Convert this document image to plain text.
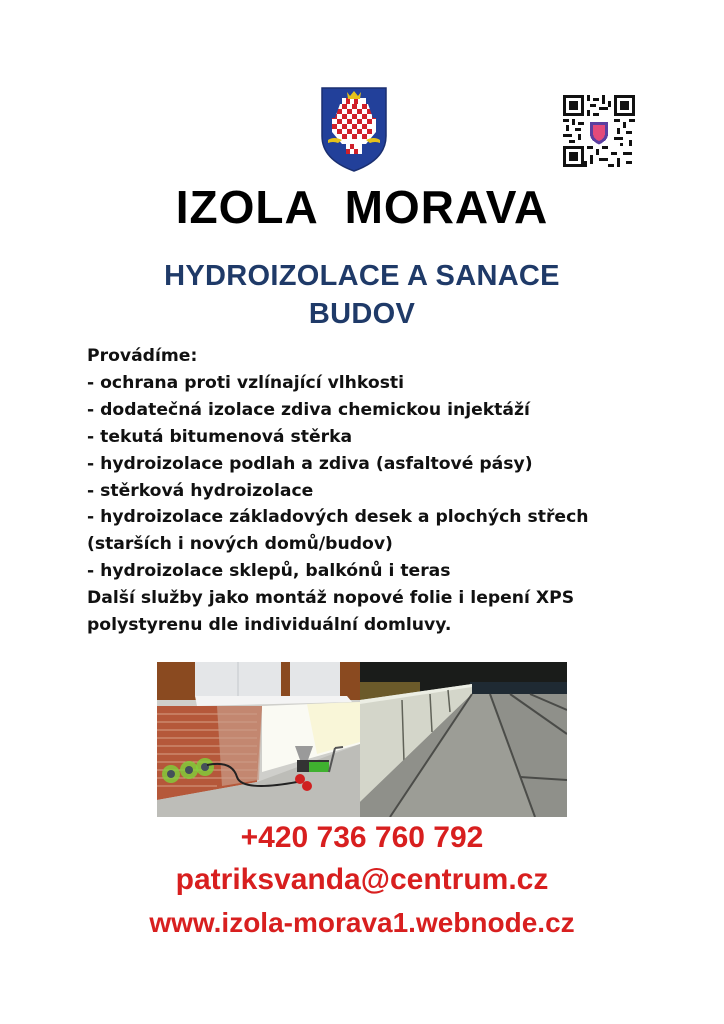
IZOLA  MORAVA
HYDROIZOLACE A SANACE
BUDOV
Provádíme:
- ochrana proti vzlínající vlhkosti
- dodatečná izolace zdiva chemickou injektáží
- tekutá bitumenová stěrka
- hydroizolace podlah a zdiva (asfaltové pásy)
- stěrková hydroizolace
- hydroizolace základových desek a plochých střech
(starších i nových domů/budov)
- hydroizolace sklepů, balkónů i teras
Další služby jako montáž nopové folie i lepení XPS
polystyrenu dle individuální domluvy.
+420 736 760 792
patriksvanda@centrum.cz
www.izola-morava1.webnode.cz
